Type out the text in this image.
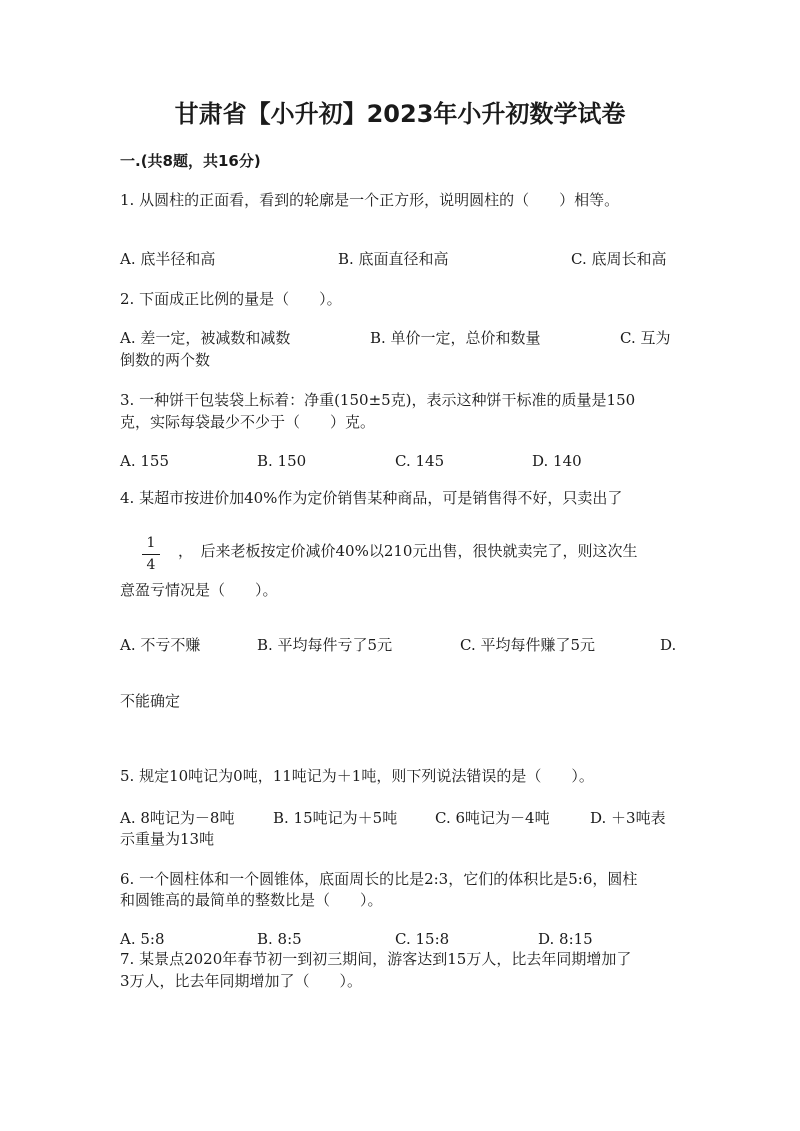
甘肃省【小升初】2023年小升初数学试卷
一.(共8题，共16分)
1. 从圆柱的正面看，看到的轮廓是一个正方形，说明圆柱的（　　）相等。
A. 底半径和高	B. 底面直径和高	C. 底周长和高
2. 下面成正比例的量是（　　）。
A. 差一定，被减数和减数	B. 单价一定，总价和数量	C. 互为
倒数的两个数
3. 一种饼干包装袋上标着：净重(150±5克)，表示这种饼干标准的质量是150
克，实际每袋最少不少于（　　）克。
A. 155	B. 150	C. 145	D. 140
4. 某超市按进价加40%作为定价销售某种商品，可是销售得不好，只卖出了
1
4
，　后来老板按定价减价40%以210元出售，很快就卖完了，则这次生
意盈亏情况是（　　）。
A. 不亏不赚	B. 平均每件亏了5元	C. 平均每件赚了5元	D.
不能确定
5. 规定10吨记为0吨，11吨记为＋1吨，则下列说法错误的是（　　）。
A. 8吨记为－8吨	B. 15吨记为＋5吨	C. 6吨记为－4吨	D. ＋3吨表
示重量为13吨
6. 一个圆柱体和一个圆锥体，底面周长的比是2:3，它们的体积比是5:6，圆柱
和圆锥高的最简单的整数比是（　　）。
A. 5:8	B. 8:5	C. 15:8	D. 8:15
7. 某景点2020年春节初一到初三期间，游客达到15万人，比去年同期增加了
3万人，比去年同期增加了（　　）。
